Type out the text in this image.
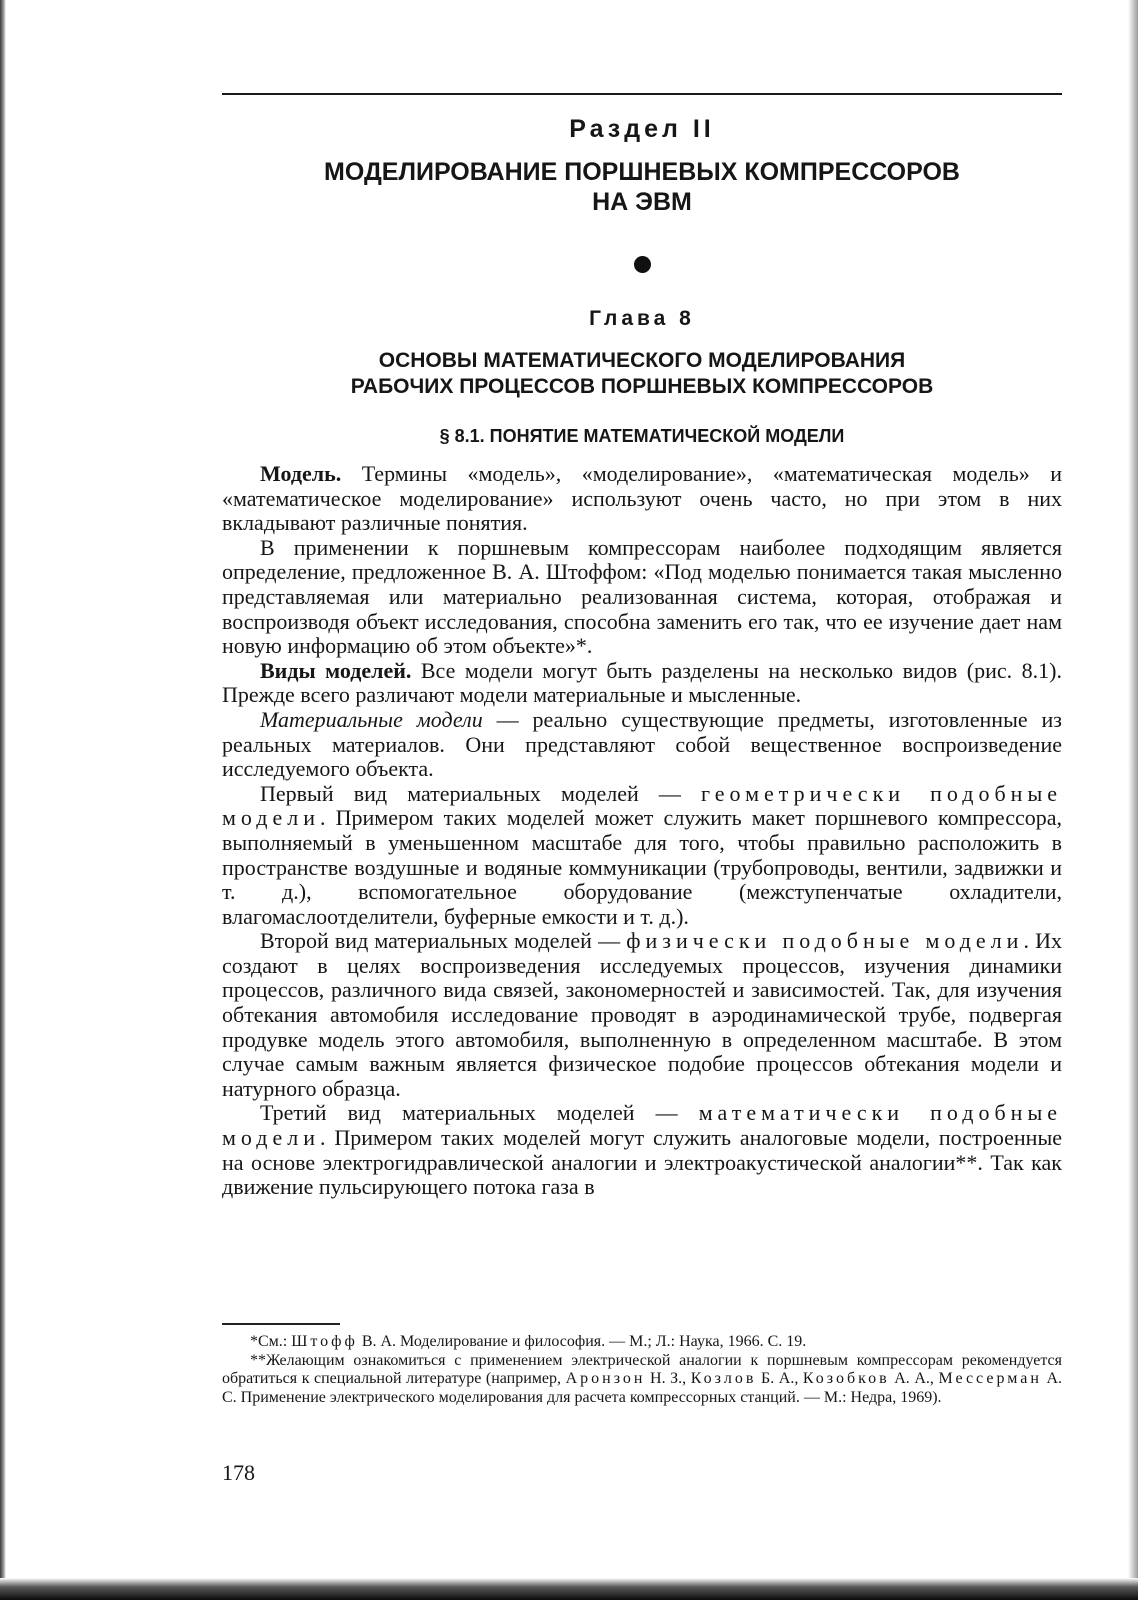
Раздел II
МОДЕЛИРОВАНИЕ ПОРШНЕВЫХ КОМПРЕССОРОВ
НА ЭВМ
Глава 8
ОСНОВЫ МАТЕМАТИЧЕСКОГО МОДЕЛИРОВАНИЯ
РАБОЧИХ ПРОЦЕССОВ ПОРШНЕВЫХ КОМПРЕССОРОВ
§ 8.1. ПОНЯТИЕ МАТЕМАТИЧЕСКОЙ МОДЕЛИ

Модель. Термины «модель», «моделирование», «математическая модель» и «математическое моделирование» используют очень часто, но при этом в них вкладывают различные понятия.

В применении к поршневым компрессорам наиболее подходящим является определение, предложенное В. А. Штоффом: «Под моделью понимается такая мысленно представляемая или материально реализованная система, которая, отображая и воспроизводя объект исследования, способна заменить его так, что ее изучение дает нам новую информацию об этом объекте»*.

Виды моделей. Все модели могут быть разделены на несколько видов (рис. 8.1). Прежде всего различают модели материальные и мысленные.

Материальные модели — реально существующие предметы, изготовленные из реальных материалов. Они представляют собой вещественное воспроизведение исследуемого объекта.

Первый вид материальных моделей — геометрически подобные модели. Примером таких моделей может служить макет поршневого компрессора, выполняемый в уменьшенном масштабе для того, чтобы правильно расположить в пространстве воздушные и водяные коммуникации (трубопроводы, вентили, задвижки и т. д.), вспомогательное оборудование (межступенчатые охладители, влагомаслоотделители, буферные емкости и т. д.).

Второй вид материальных моделей — физически подобные модели. Их создают в целях воспроизведения исследуемых процессов, изучения динамики процессов, различного вида связей, закономерностей и зависимостей. Так, для изучения обтекания автомобиля исследование проводят в аэродинамической трубе, подвергая продувке модель этого автомобиля, выполненную в определенном масштабе. В этом случае самым важным является физическое подобие процессов обтекания модели и натурного образца.

Третий вид материальных моделей — математически подобные модели. Примером таких моделей могут служить аналоговые модели, построенные на основе электрогидравлической аналогии и электроакустической аналогии**. Так как движение пульсирующего потока газа в

*См.: Штофф В. А. Моделирование и философия. — М.; Л.: Наука, 1966. С. 19.

**Желающим ознакомиться с применением электрической аналогии к поршневым компрессорам рекомендуется обратиться к специальной литературе (например, Аронзон Н. З., Козлов Б. А., Козобков А. А., Мессерман А. С. Применение электрического моделирования для расчета компрессорных станций. — М.: Недра, 1969).

178
